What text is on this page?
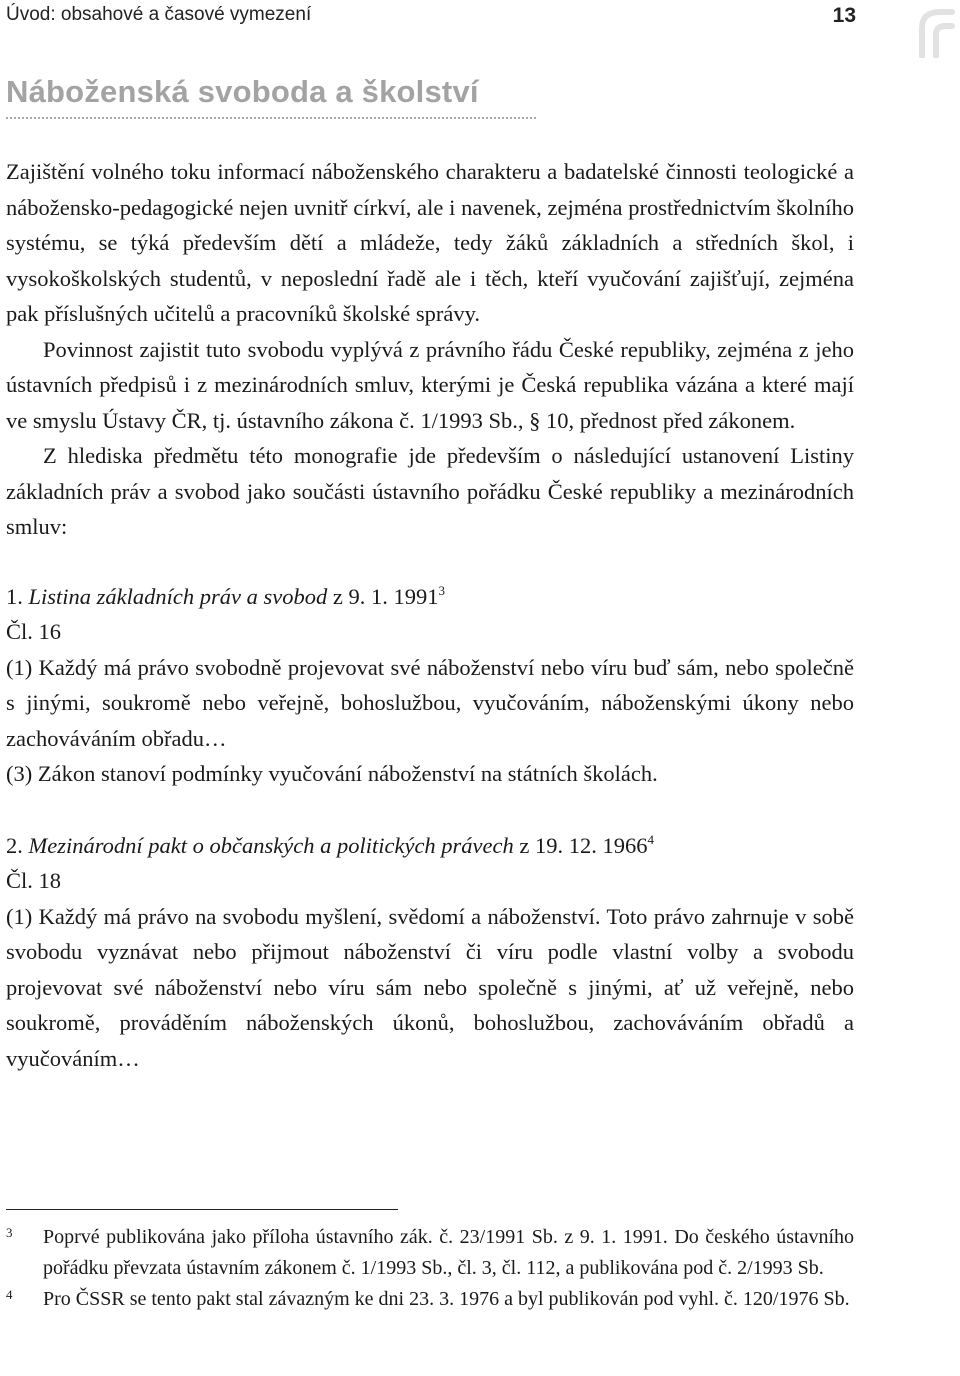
Úvod: obsahové a časové vymezení	13
Náboženská svoboda a školství

Zajištění volného toku informací náboženského charakteru a badatelské činnosti teologické a nábožensko-pedagogické nejen uvnitř církví, ale i navenek, zejména prostřednictvím školního systému, se týká především dětí a mládeže, tedy žáků základních a středních škol, i vysokoškolských studentů, v neposlední řadě ale i těch, kteří vyučování zajišťují, zejména pak příslušných učitelů a pracovníků školské správy.

Povinnost zajistit tuto svobodu vyplývá z právního řádu České republiky, zejména z jeho ústavních předpisů i z mezinárodních smluv, kterými je Česká republika vázána a které mají ve smyslu Ústavy ČR, tj. ústavního zákona č. 1/1993 Sb., § 10, přednost před zákonem.

Z hlediska předmětu této monografie jde především o následující ustanovení Listiny základních práv a svobod jako součásti ústavního pořádku České republiky a mezinárodních smluv:

1. Listina základních práv a svobod z 9. 1. 1991$^3$
Čl. 16

(1) Každý má právo svobodně projevovat své náboženství nebo víru buď sám, nebo společně s jinými, soukromě nebo veřejně, bohoslužbou, vyučováním, náboženskými úkony nebo zachováváním obřadu…

(3) Zákon stanoví podmínky vyučování náboženství na státních školách.

2. Mezinárodní pakt o občanských a politických právech z 19. 12. 1966$^4$
Čl. 18

(1) Každý má právo na svobodu myšlení, svědomí a náboženství. Toto právo zahrnuje v sobě svobodu vyznávat nebo přijmout náboženství či víru podle vlastní volby a svobodu projevovat své náboženství nebo víru sám nebo společně s jinými, ať už veřejně, nebo soukromě, prováděním náboženských úkonů, bohoslužbou, zachováváním obřadů a vyučováním…

3 Poprvé publikována jako příloha ústavního zák. č. 23/1991 Sb. z 9. 1. 1991. Do českého ústavního pořádku převzata ústavním zákonem č. 1/1993 Sb., čl. 3, čl. 112, a publikována pod č. 2/1993 Sb.
4 Pro ČSSR se tento pakt stal závazným ke dni 23. 3. 1976 a byl publikován pod vyhl. č. 120/1976 Sb.
